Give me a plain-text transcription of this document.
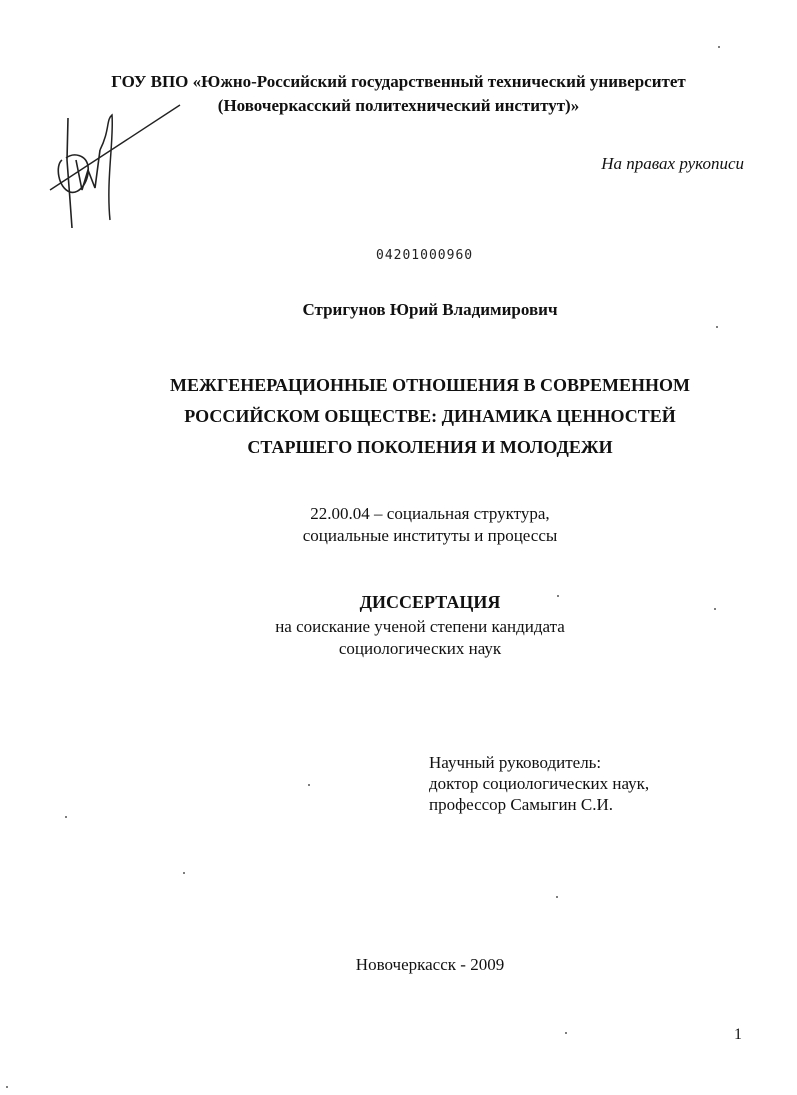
ГОУ ВПО «Южно-Российский государственный технический университет
(Новочеркасский политехнический институт)»
На правах рукописи
04201000960
Стригунов Юрий Владимирович
МЕЖГЕНЕРАЦИОННЫЕ ОТНОШЕНИЯ В СОВРЕМЕННОМ
РОССИЙСКОМ ОБЩЕСТВЕ: ДИНАМИКА ЦЕННОСТЕЙ
СТАРШЕГО ПОКОЛЕНИЯ И МОЛОДЕЖИ
22.00.04 – социальная структура,
социальные институты и процессы
ДИССЕРТАЦИЯ
на соискание ученой степени кандидата
социологических наук
Научный руководитель:
доктор социологических наук,
профессор Самыгин С.И.
Новочеркасск - 2009
1
